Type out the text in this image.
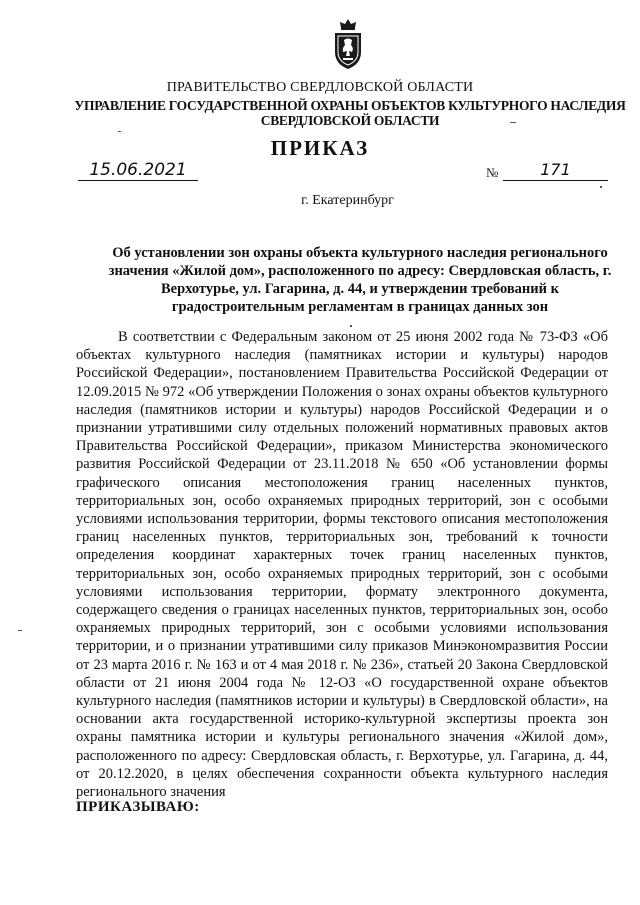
ПРАВИТЕЛЬСТВО СВЕРДЛОВСКОЙ ОБЛАСТИ
УПРАВЛЕНИЕ ГОСУДАРСТВЕННОЙ ОХРАНЫ ОБЪЕКТОВ КУЛЬТУРНОГО НАСЛЕДИЯ СВЕРДЛОВСКОЙ ОБЛАСТИ
ПРИКАЗ
15.06.2021	№	171
г. Екатеринбург
Об установлении зон охраны объекта культурного наследия регионального значения «Жилой дом», расположенного по адресу: Свердловская область, г. Верхотурье, ул. Гагарина, д. 44, и утверждении требований к градостроительным регламентам в границах данных зон

В соответствии с Федеральным законом от 25 июня 2002 года № 73-ФЗ «Об объектах культурного наследия (памятниках истории и культуры) народов Российской Федерации», постановлением Правительства Российской Федерации от 12.09.2015 № 972 «Об утверждении Положения о зонах охраны объектов культурного наследия (памятников истории и культуры) народов Российской Федерации и о признании утратившими силу отдельных положений нормативных правовых актов Правительства Российской Федерации», приказом Министерства экономического развития Российской Федерации от 23.11.2018 № 650 «Об установлении формы графического описания местоположения границ населенных пунктов, территориальных зон, особо охраняемых природных территорий, зон с особыми условиями использования территории, формы текстового описания местоположения границ населенных пунктов, территориальных зон, требований к точности определения координат характерных точек границ населенных пунктов, территориальных зон, особо охраняемых природных территорий, зон с особыми условиями использования территории, формату электронного документа, содержащего сведения о границах населенных пунктов, территориальных зон, особо охраняемых природных территорий, зон с особыми условиями использования территории, и о признании утратившими силу приказов Минэкономразвития России от 23 марта 2016 г. № 163 и от 4 мая 2018 г. № 236», статьей 20 Закона Свердловской области от 21 июня 2004 года № 12-ОЗ «О государственной охране объектов культурного наследия (памятников истории и культуры) в Свердловской области», на основании акта государственной историко-культурной экспертизы проекта зон охраны памятника истории и культуры регионального значения «Жилой дом», расположенного по адресу: Свердловская область, г. Верхотурье, ул. Гагарина, д. 44, от 20.12.2020, в целях обеспечения сохранности объекта культурного наследия регионального значения

ПРИКАЗЫВАЮ:
